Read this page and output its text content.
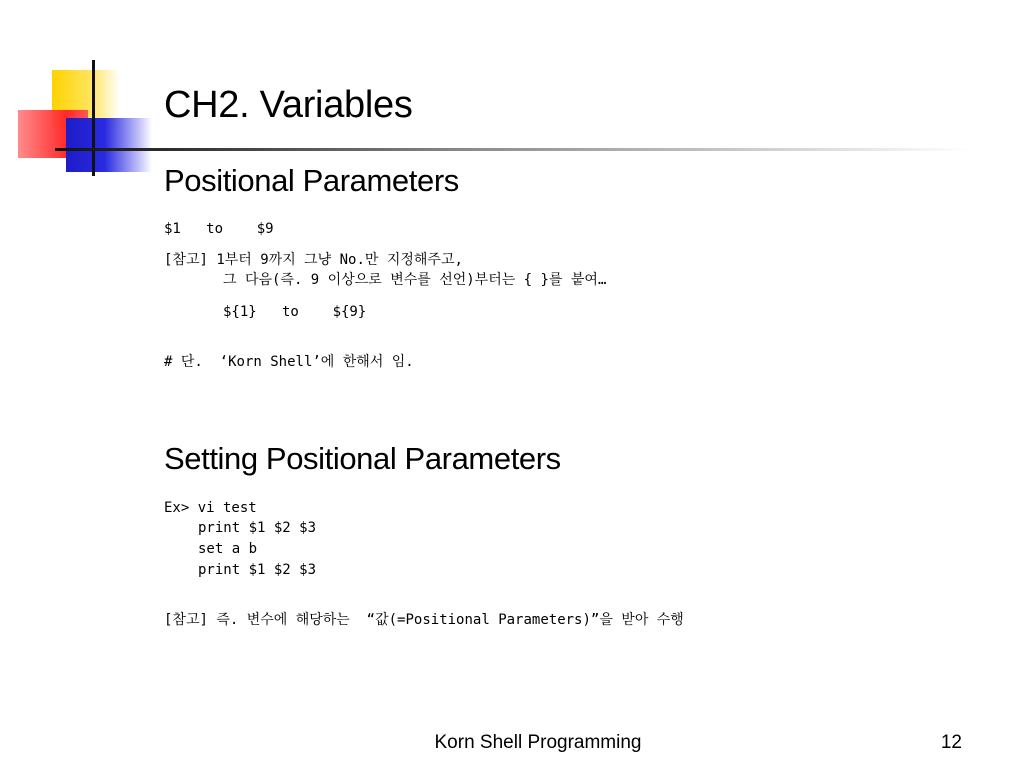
CH2. Variables
Positional Parameters
$1   to    $9
[참고] 1부터 9까지 그냥 No.만 지정해주고,
그 다음(즉. 9 이상으로 변수를 선언)부터는 { }를 붙여…
${1}   to    ${9}
# 단.  ‘Korn Shell’에 한해서 임.
Setting Positional Parameters
Ex> vi test
print $1 $2 $3
set a b
print $1 $2 $3
[참고] 즉. 변수에 해당하는  “값(=Positional Parameters)”을 받아 수행
Korn Shell Programming	12
